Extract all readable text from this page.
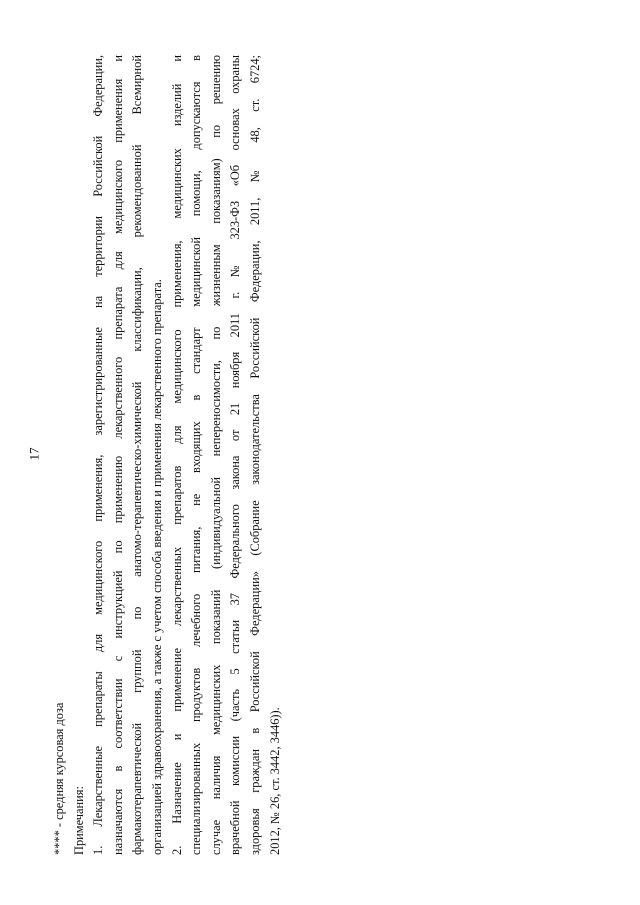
17
**** - средняя курсовая доза Примечания: 1. Лекарственные препараты для медицинского применения, зарегистрированные на территории Российской Федерации, назначаются в соответствии с инструкцией по применению лекарственного препарата для медицинского применения и фармакотерапевтической группой по анатомо-терапевтическо-химической классификации, рекомендованной Всемирной организацией здравоохранения, а также с учетом способа введения и применения лекарственного препарата. 2. Назначение и применение лекарственных препаратов для медицинского применения, медицинских изделий и специализированных продуктов лечебного питания, не входящих в стандарт медицинской помощи, допускаются в случае наличия медицинских показаний (индивидуальной непереносимости, по жизненным показаниям) по решению врачебной комиссии (часть 5 статьи 37 Федерального закона от 21 ноября 2011 г. № 323-ФЗ «Об основах охраны здоровья граждан в Российской Федерации» (Собрание законодательства Российской Федерации, 2011, № 48, ст. 6724; 2012, № 26, ст. 3442, 3446)).
